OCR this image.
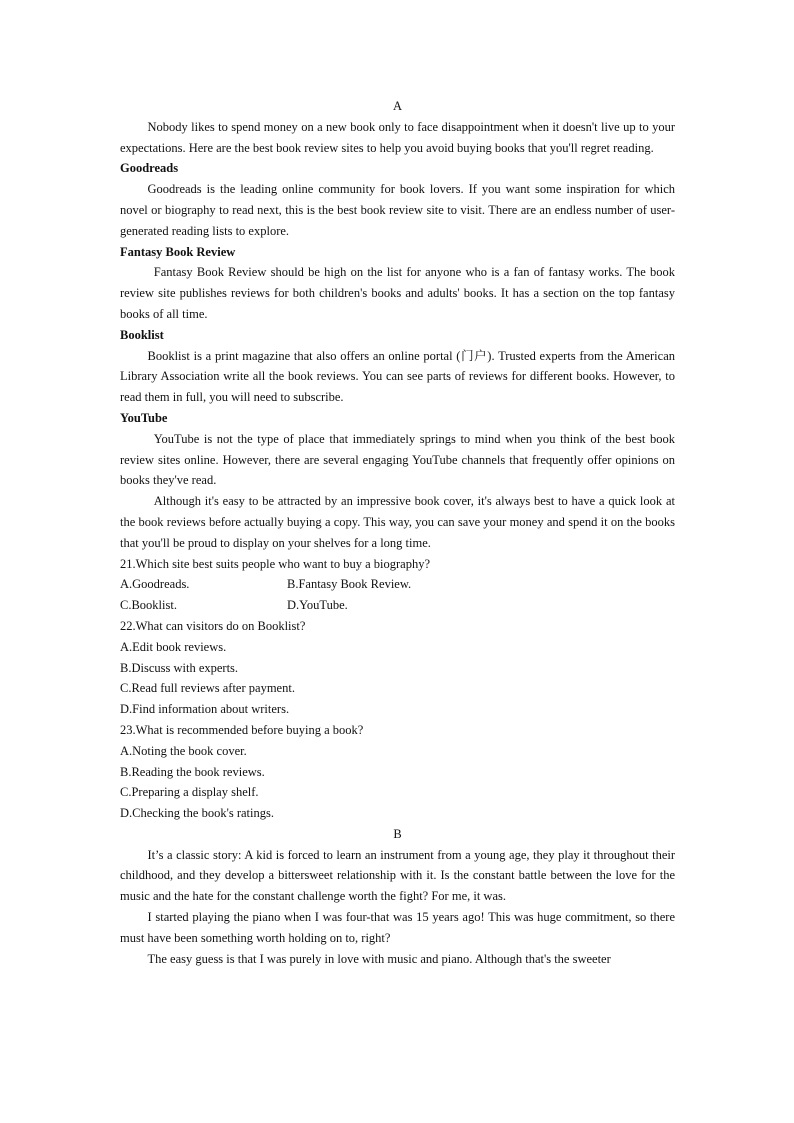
A

Nobody likes to spend money on a new book only to face disappointment when it doesn't live up to your expectations. Here are the best book review sites to help you avoid buying books that you'll regret reading.

Goodreads

Goodreads is the leading online community for book lovers. If you want some inspiration for which novel or biography to read next, this is the best book review site to visit. There are an endless number of user-generated reading lists to explore.

Fantasy Book Review

Fantasy Book Review should be high on the list for anyone who is a fan of fantasy works. The book review site publishes reviews for both children's books and adults' books. It has a section on the top fantasy books of all time.

Booklist

Booklist is a print magazine that also offers an online portal (门户). Trusted experts from the American Library Association write all the book reviews. You can see parts of reviews for different books. However, to read them in full, you will need to subscribe.

YouTube

YouTube is not the type of place that immediately springs to mind when you think of the best book review sites online. However, there are several engaging YouTube channels that frequently offer opinions on books they've read.

Although it's easy to be attracted by an impressive book cover, it's always best to have a quick look at the book reviews before actually buying a copy. This way, you can save your money and spend it on the books that you'll be proud to display on your shelves for a long time.

21.Which site best suits people who want to buy a biography?

A.Goodreads.	B.Fantasy Book Review.
C.Booklist.	D.YouTube.

22.What can visitors do on Booklist?

A.Edit book reviews.
B.Discuss with experts.
C.Read full reviews after payment.
D.Find information about writers.

23.What is recommended before buying a book?

A.Noting the book cover.
B.Reading the book reviews.
C.Preparing a display shelf.
D.Checking the book's ratings.
B

It’s a classic story: A kid is forced to learn an instrument from a young age, they play it throughout their childhood, and they develop a bittersweet relationship with it. Is the constant battle between the love for the music and the hate for the constant challenge worth the fight? For me, it was.

I started playing the piano when I was four-that was 15 years ago! This was huge commitment, so there must have been something worth holding on to, right?

The easy guess is that I was purely in love with music and piano. Although that's the sweeter
